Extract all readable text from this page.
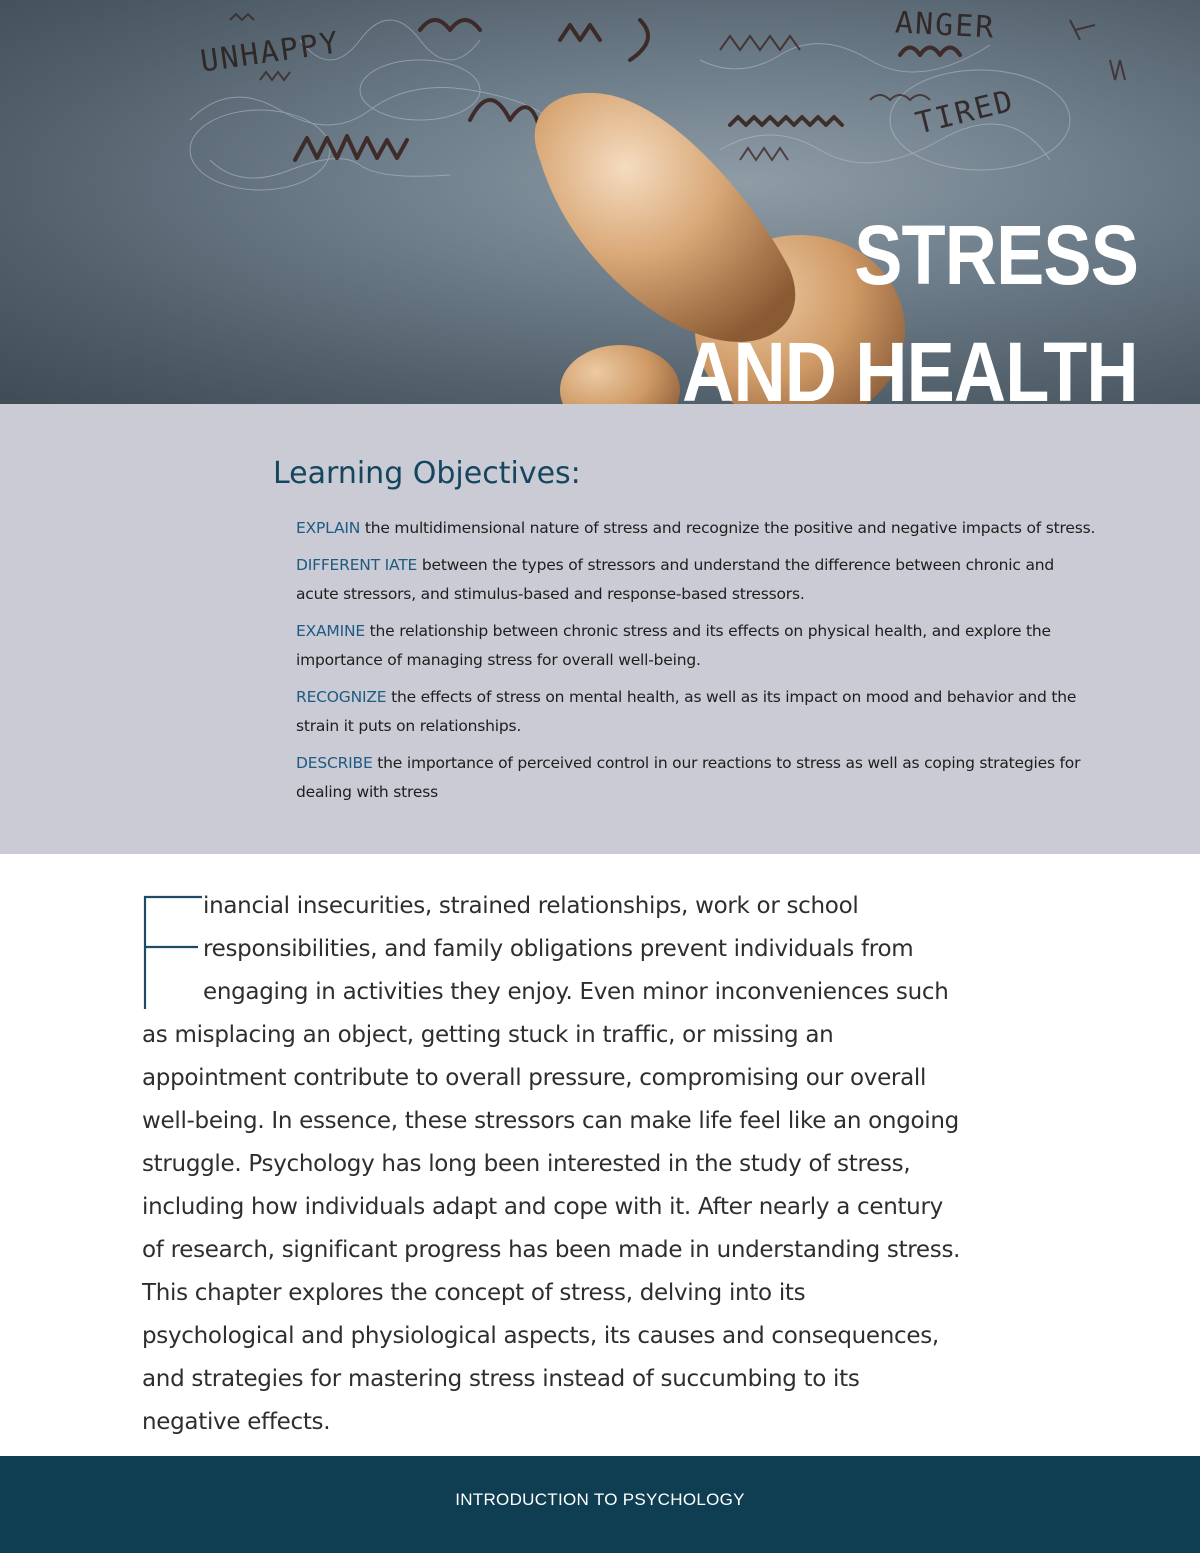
UNHAPPY	ANGER
TIRED
STRESS
AND HEALTH
Learning Objectives:
EXPLAIN the multidimensional nature of stress and recognize the positive and negative impacts of stress.
DIFFERENT IATE between the types of stressors and understand the difference between chronic and acute stressors, and stimulus-based and response-based stressors.
EXAMINE the relationship between chronic stress and its effects on physical health, and explore the importance of managing stress for overall well-being.
RECOGNIZE the effects of stress on mental health, as well as its impact on mood and behavior and the strain it puts on relationships.
DESCRIBE the importance of perceived control in our reactions to stress as well as coping strategies for dealing with stress

inancial insecurities, strained relationships, work or school responsibilities, and family obligations prevent individuals from engaging in activities they enjoy. Even minor inconveniences such as misplacing an object, getting stuck in traffic, or missing an appointment contribute to overall pressure, compromising our overall well-being. In essence, these stressors can make life feel like an ongoing struggle. Psychology has long been interested in the study of stress, including how individuals adapt and cope with it. After nearly a century of research, significant progress has been made in understanding stress. This chapter explores the concept of stress, delving into its psychological and physiological aspects, its causes and consequences, and strategies for mastering stress instead of succumbing to its negative effects.

INTRODUCTION TO PSYCHOLOGY
